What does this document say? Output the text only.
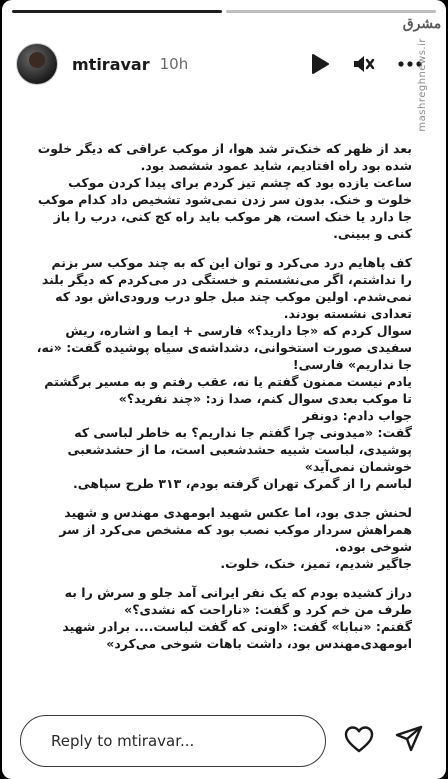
mtiravar 10h
مشرق
mashreghnews.ir

بعد از ظهر که خنک‌تر شد هوا، از موکب عراقی که دیگر خلوت شده بود راه افتادیم، شاید عمود ششصد بود.
ساعت یازده بود که چشم تیز کردم برای پیدا کردن موکب خلوت و خنک. بدون سر زدن نمی‌شود تشخیص داد کدام موکب جا دارد یا خنک است، هر موکب باید راه کج کنی، درب را باز کنی و ببینی.

کف پاهایم درد می‌کرد و توان این که به چند موکب سر بزنم را نداشتم، اگر می‌نشستم و خستگی در می‌کردم که دیگر بلند نمی‌شدم. اولین موکب چند مبل جلو درب ورودی‌اش بود که تعدادی نشسته بودند.
سوال کردم که «جا دارید؟» فارسی + ایما و اشاره، ریش سفیدی صورت استخوانی، دشداشه‌ی سیاه پوشیده گفت: «نه، جا نداریم» فارسی!
یادم نیست ممنون گفتم یا نه، عقب رفتم و به مسیر برگشتم تا موکب بعدی سوال کنم، صدا زد: «چند نفرید؟»
جواب دادم: دونفر
گفت: «میدونی چرا گفتم جا نداریم؟ به خاطر لباسی که پوشیدی، لباست شبیه حشدشعبی است، ما از حشدشعبی خوشمان نمی‌آید»
لباسم را از گمرک تهران گرفته بودم، ۳۱۳ طرح سپاهی.

لحنش جدی بود، اما عکس شهید ابومهدی مهندس و شهید همراهش سردار موکب نصب بود که مشخص می‌کرد از سر شوخی بوده.
جاگیر شدیم، تمیز، خنک، خلوت.

دراز کشیده بودم که یک نفر ایرانی آمد جلو و سرش را به طرف من خم کرد و گفت: «ناراحت که نشدی؟»
گفتم: «نبابا» گفت: «اونی که گفت لباست.... برادر شهید ابومهدی‌مهندس بود، داشت باهات شوخی می‌کرد»

Reply to mtiravar...
